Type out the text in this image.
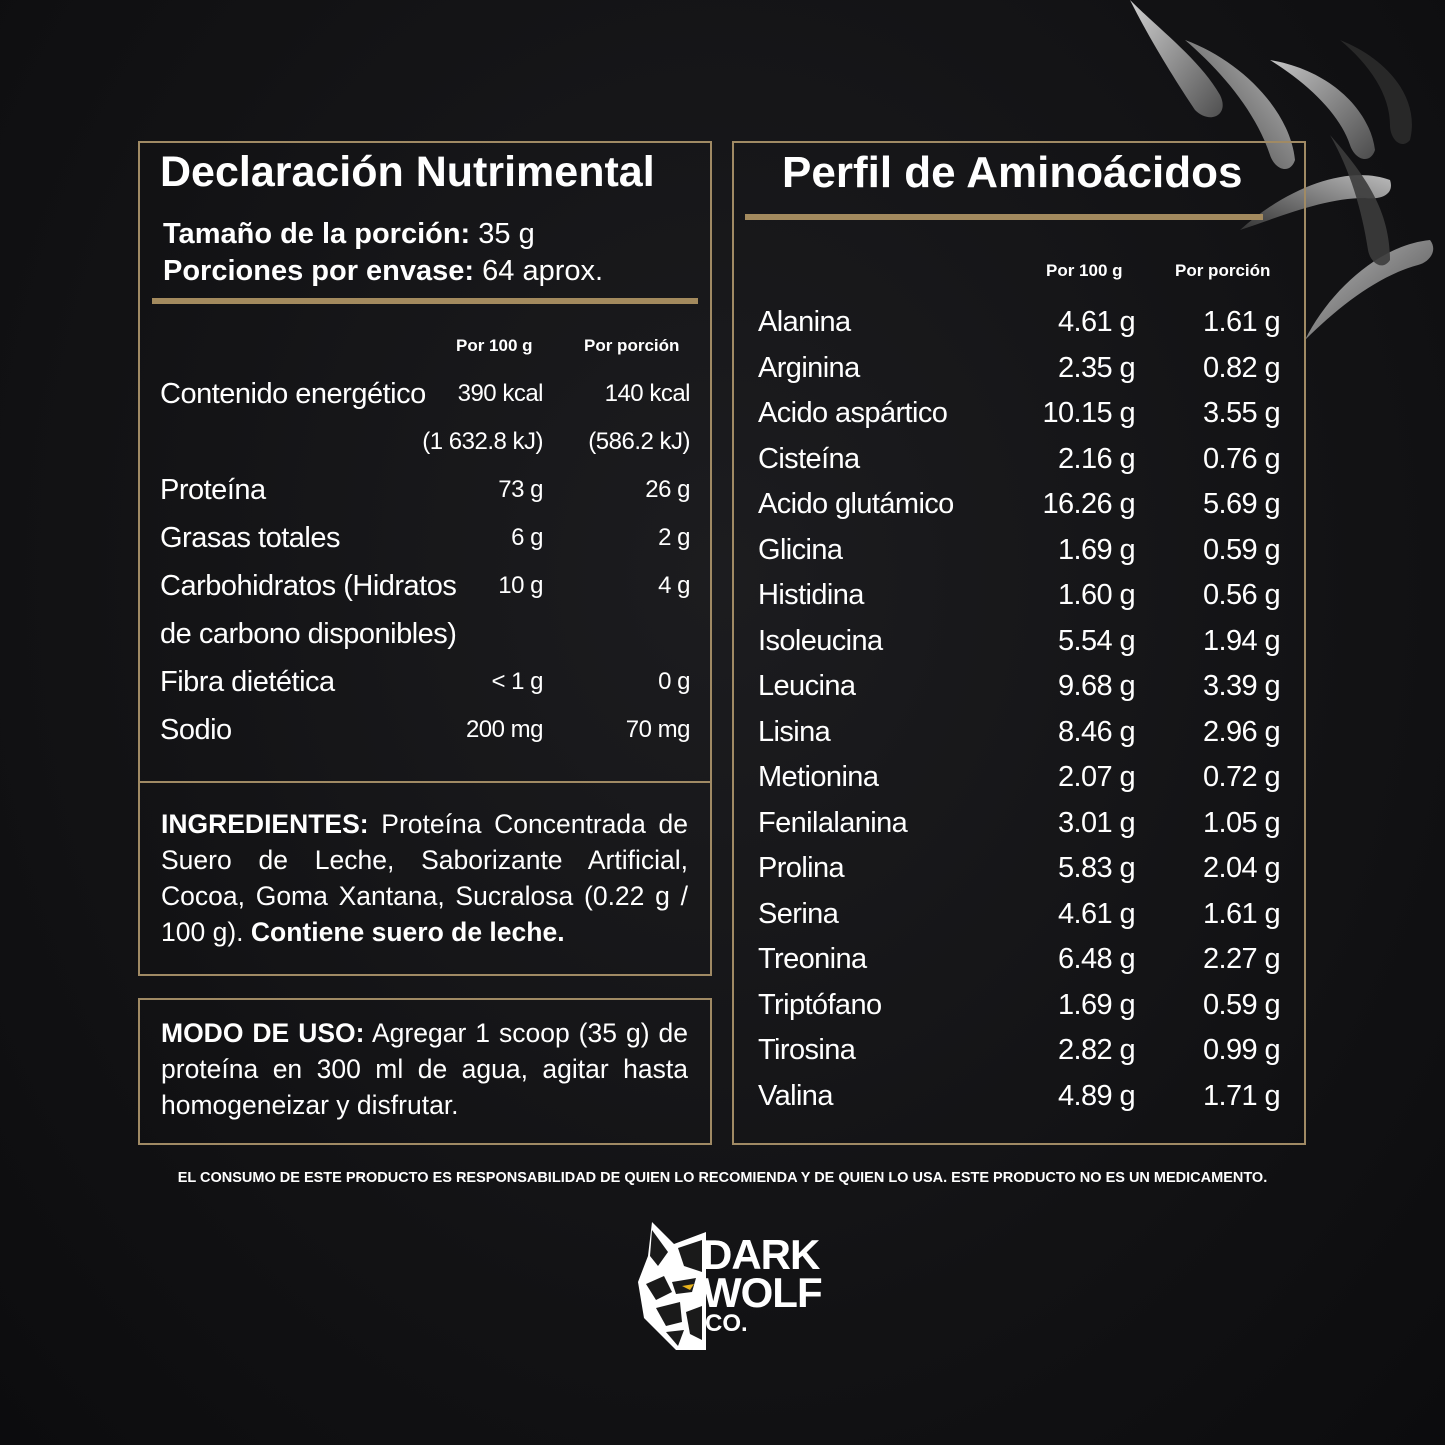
Declaración Nutrimental
Tamaño de la porción: 35 g
Porciones por envase: 64 aprox.
Por 100 g	Por porción
Contenido energético 390 kcal	140 kcal
(1 632.8 kJ) (586.2 kJ)
Proteína	73 g	26 g
Grasas totales	6 g	2 g
Carbohidratos (Hidratos 10 g	4 g
de carbono disponibles)
Fibra dietética	< 1 g	0 g
Sodio	200 mg	70 mg
INGREDIENTES: Proteína Concentrada de Suero de Leche, Saborizante Artificial, Cocoa, Goma Xantana, Sucralosa (0.22 g / 100 g). Contiene suero de leche.
MODO DE USO: Agregar 1 scoop (35 g) de proteína en 300 ml de agua, agitar hasta homogeneizar y disfrutar.
Perfil de Aminoácidos
Por 100 g	Por porción
Alanina	4.61 g 1.61 g
Arginina	2.35 g 0.82 g
Acido aspártico	10.15 g 3.55 g
Cisteína	2.16 g 0.76 g
Acido glutámico	16.26 g 5.69 g
Glicina	1.69 g 0.59 g
Histidina	1.60 g 0.56 g
Isoleucina	5.54 g 1.94 g
Leucina	9.68 g 3.39 g
Lisina	8.46 g 2.96 g
Metionina	2.07 g 0.72 g
Fenilalanina	3.01 g 1.05 g
Prolina	5.83 g 2.04 g
Serina	4.61 g 1.61 g
Treonina	6.48 g 2.27 g
Triptófano	1.69 g 0.59 g
Tirosina	2.82 g 0.99 g
Valina	4.89 g 1.71 g
EL CONSUMO DE ESTE PRODUCTO ES RESPONSABILIDAD DE QUIEN LO RECOMIENDA Y DE QUIEN LO USA. ESTE PRODUCTO NO ES UN MEDICAMENTO.
DARK
WOLF
CO.
